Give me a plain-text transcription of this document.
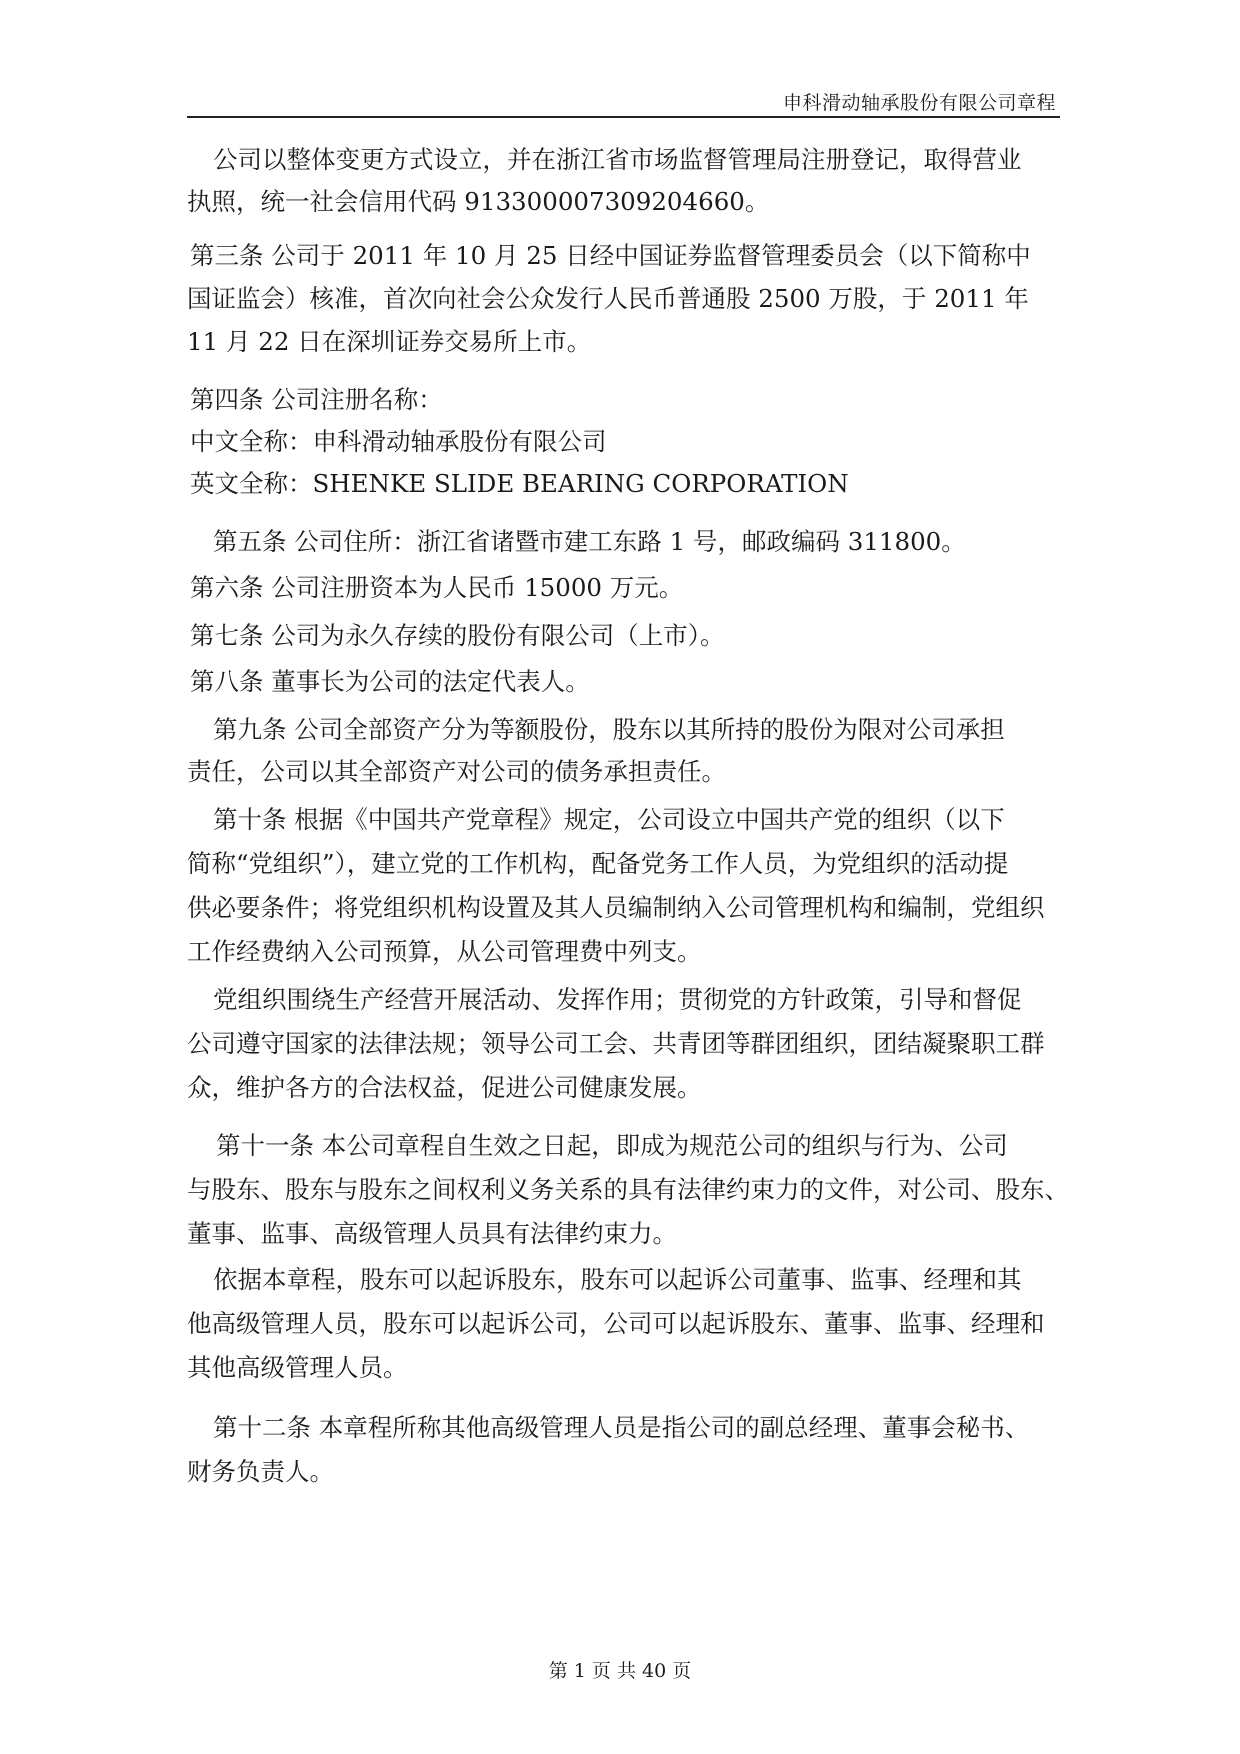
申科滑动轴承股份有限公司章程
公司以整体变更方式设立，并在浙江省市场监督管理局注册登记，取得营业
执照，统一社会信用代码 913300007309204660。
第三条 公司于 2011 年 10 月 25 日经中国证券监督管理委员会（以下简称中
国证监会）核准，首次向社会公众发行人民币普通股 2500 万股，于 2011 年
11 月 22 日在深圳证券交易所上市。
第四条 公司注册名称：
中文全称：申科滑动轴承股份有限公司
英文全称：SHENKE SLIDE BEARING CORPORATION
第五条 公司住所：浙江省诸暨市建工东路 1 号，邮政编码 311800。
第六条 公司注册资本为人民币 15000 万元。
第七条 公司为永久存续的股份有限公司（上市）。
第八条 董事长为公司的法定代表人。
第九条 公司全部资产分为等额股份，股东以其所持的股份为限对公司承担
责任，公司以其全部资产对公司的债务承担责任。
第十条 根据《中国共产党章程》规定，公司设立中国共产党的组织（以下
简称“党组织”），建立党的工作机构，配备党务工作人员，为党组织的活动提
供必要条件；将党组织机构设置及其人员编制纳入公司管理机构和编制，党组织
工作经费纳入公司预算，从公司管理费中列支。
党组织围绕生产经营开展活动、发挥作用；贯彻党的方针政策，引导和督促
公司遵守国家的法律法规；领导公司工会、共青团等群团组织，团结凝聚职工群
众，维护各方的合法权益，促进公司健康发展。
第十一条 本公司章程自生效之日起，即成为规范公司的组织与行为、公司
与股东、股东与股东之间权利义务关系的具有法律约束力的文件，对公司、股东、
董事、监事、高级管理人员具有法律约束力。
依据本章程，股东可以起诉股东，股东可以起诉公司董事、监事、经理和其
他高级管理人员，股东可以起诉公司，公司可以起诉股东、董事、监事、经理和
其他高级管理人员。
第十二条 本章程所称其他高级管理人员是指公司的副总经理、董事会秘书、
财务负责人。
第 1 页 共 40 页
